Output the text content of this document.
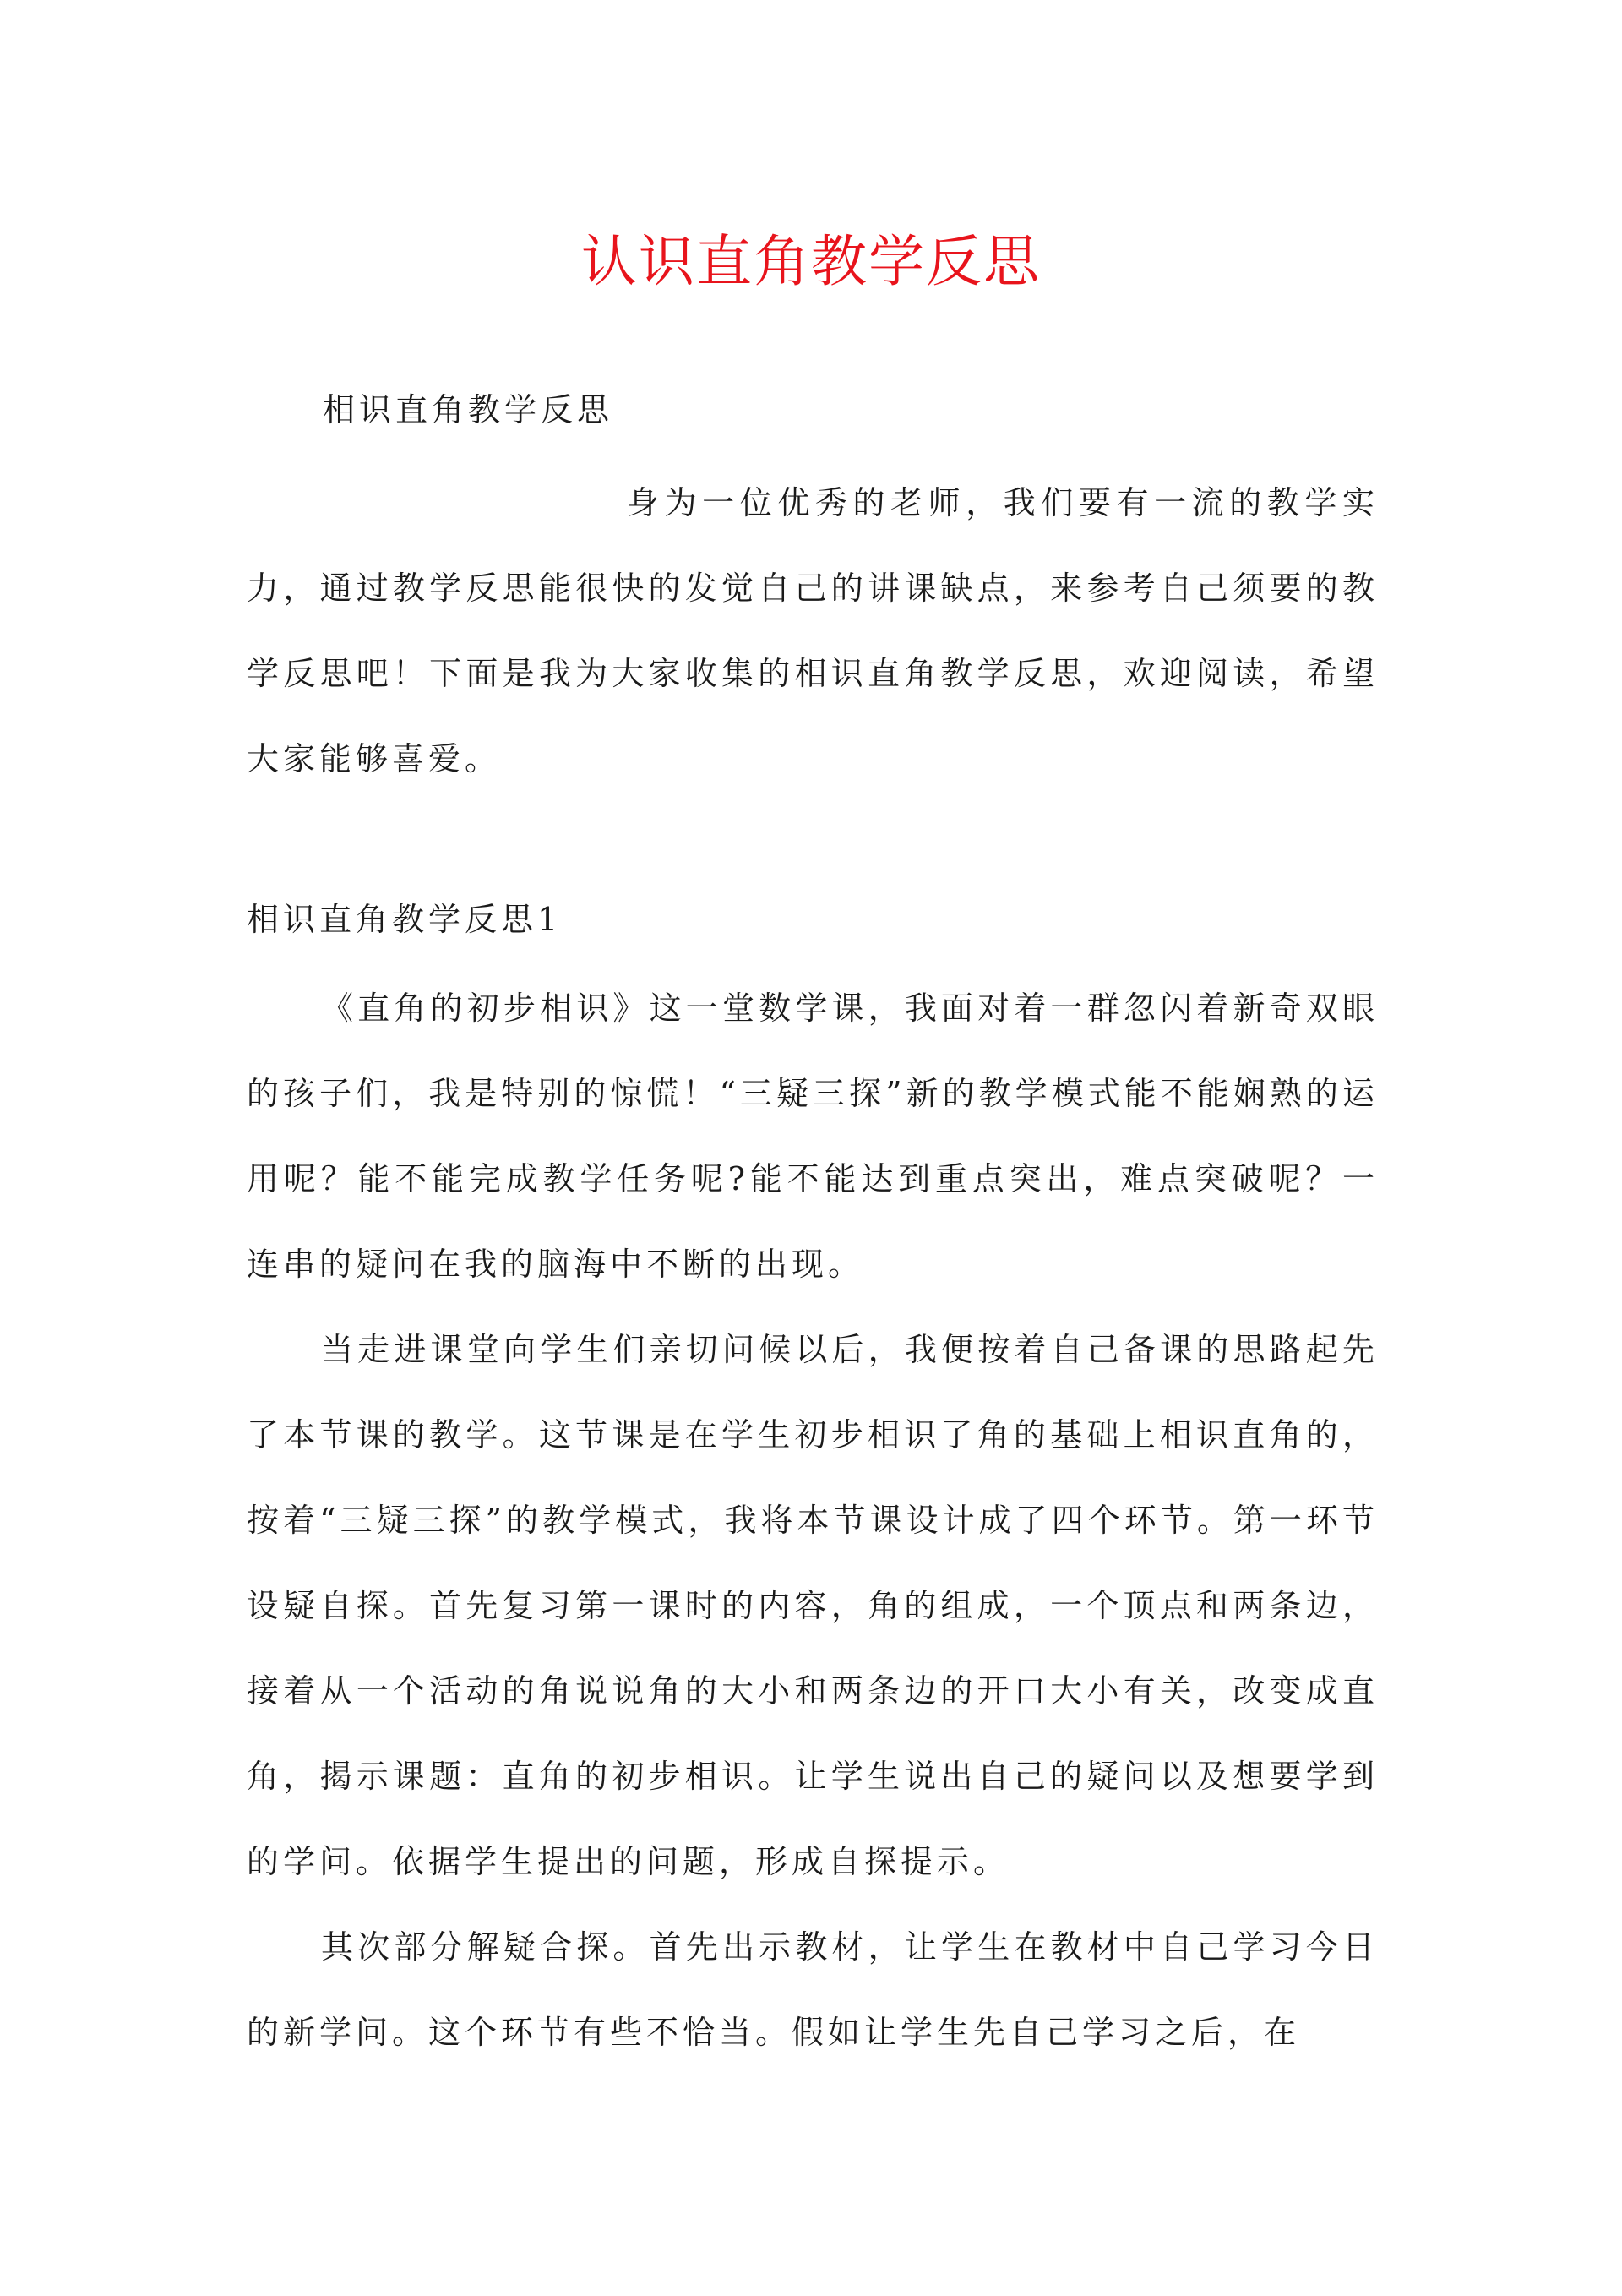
认识直角教学反思
相识直角教学反思
身为一位优秀的老师，我们要有一流的教学实力，通过教学反思能很快的发觉自己的讲课缺点，来参考自己须要的教学反思吧！下面是我为大家收集的相识直角教学反思，欢迎阅读，希望大家能够喜爱。
相识直角教学反思1

《直角的初步相识》这一堂数学课，我面对着一群忽闪着新奇双眼的孩子们，我是特别的惊慌！“三疑三探”新的教学模式能不能娴熟的运用呢？能不能完成教学任务呢?能不能达到重点突出，难点突破呢？一连串的疑问在我的脑海中不断的出现。

当走进课堂向学生们亲切问候以后，我便按着自己备课的思路起先了本节课的教学。这节课是在学生初步相识了角的基础上相识直角的，按着“三疑三探”的教学模式，我将本节课设计成了四个环节。第一环节设疑自探。首先复习第一课时的内容，角的组成，一个顶点和两条边，接着从一个活动的角说说角的大小和两条边的开口大小有关，改变成直角，揭示课题：直角的初步相识。让学生说出自己的疑问以及想要学到的学问。依据学生提出的问题，形成自探提示。

其次部分解疑合探。首先出示教材，让学生在教材中自己学习今日的新学问。这个环节有些不恰当。假如让学生先自己学习之后，在
